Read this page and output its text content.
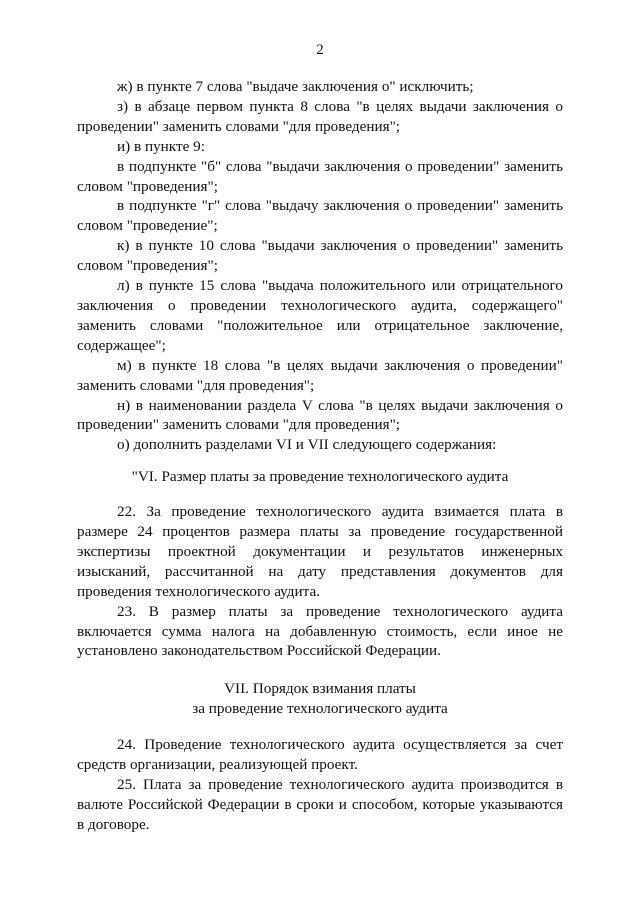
2

ж) в пункте 7 слова "выдаче заключения о" исключить;

з) в абзаце первом пункта 8 слова "в целях выдачи заключения о проведении" заменить словами "для проведения";

и) в пункте 9:

в подпункте "б" слова "выдачи заключения о проведении" заменить словом "проведения";

в подпункте "г" слова "выдачу заключения о проведении" заменить словом "проведение";

к) в пункте 10 слова "выдачи заключения о проведении" заменить словом "проведения";

л) в пункте 15 слова "выдача положительного или отрицательного заключения о проведении технологического аудита, содержащего" заменить словами "положительное или отрицательное заключение, содержащее";

м) в пункте 18 слова "в целях выдачи заключения о проведении" заменить словами "для проведения";

н) в наименовании раздела V слова "в целях выдачи заключения о проведении" заменить словами "для проведения";

о) дополнить разделами VI и VII следующего содержания:

"VI. Размер платы за проведение технологического аудита

22. За проведение технологического аудита взимается плата в размере 24 процентов размера платы за проведение государственной экспертизы проектной документации и результатов инженерных изысканий, рассчитанной на дату представления документов для проведения технологического аудита.

23. В размер платы за проведение технологического аудита включается сумма налога на добавленную стоимость, если иное не установлено законодательством Российской Федерации.

VII. Порядок взимания платы
за проведение технологического аудита

24. Проведение технологического аудита осуществляется за счет средств организации, реализующей проект.

25. Плата за проведение технологического аудита производится в валюте Российской Федерации в сроки и способом, которые указываются в договоре.
